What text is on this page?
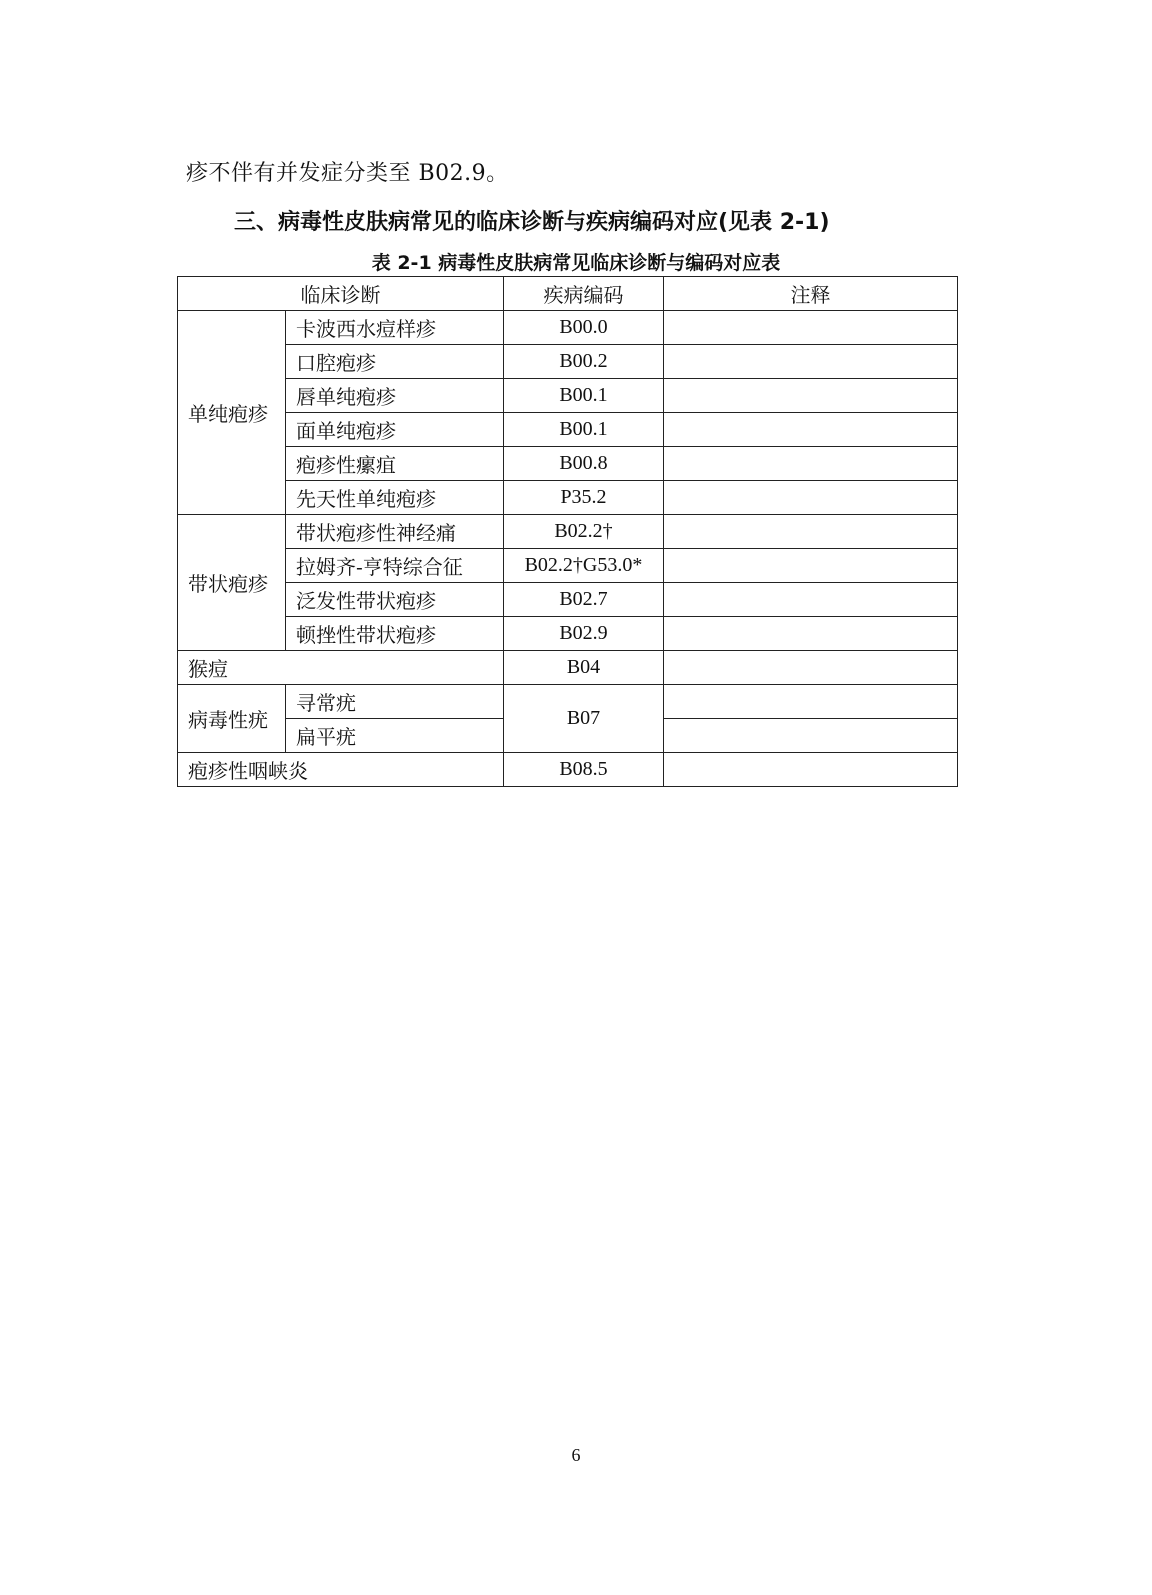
疹不伴有并发症分类至 B02.9。
三、病毒性皮肤病常见的临床诊断与疾病编码对应(见表 2-1)
表 2-1 病毒性皮肤病常见临床诊断与编码对应表
临床诊断		疾病编码	注释
单纯疱疹	卡波西水痘样疹	B00.0	
	口腔疱疹	B00.2	
	唇单纯疱疹	B00.1	
	面单纯疱疹	B00.1	
	疱疹性瘰疽	B00.8	
	先天性单纯疱疹	P35.2	
带状疱疹	带状疱疹性神经痛	B02.2†	
	拉姆齐-亨特综合征	B02.2†G53.0*	
	泛发性带状疱疹	B02.7	
	顿挫性带状疱疹	B02.9	
猴痘		B04	
病毒性疣	寻常疣	B07	
	扁平疣		
疱疹性咽峡炎		B08.5	
6
